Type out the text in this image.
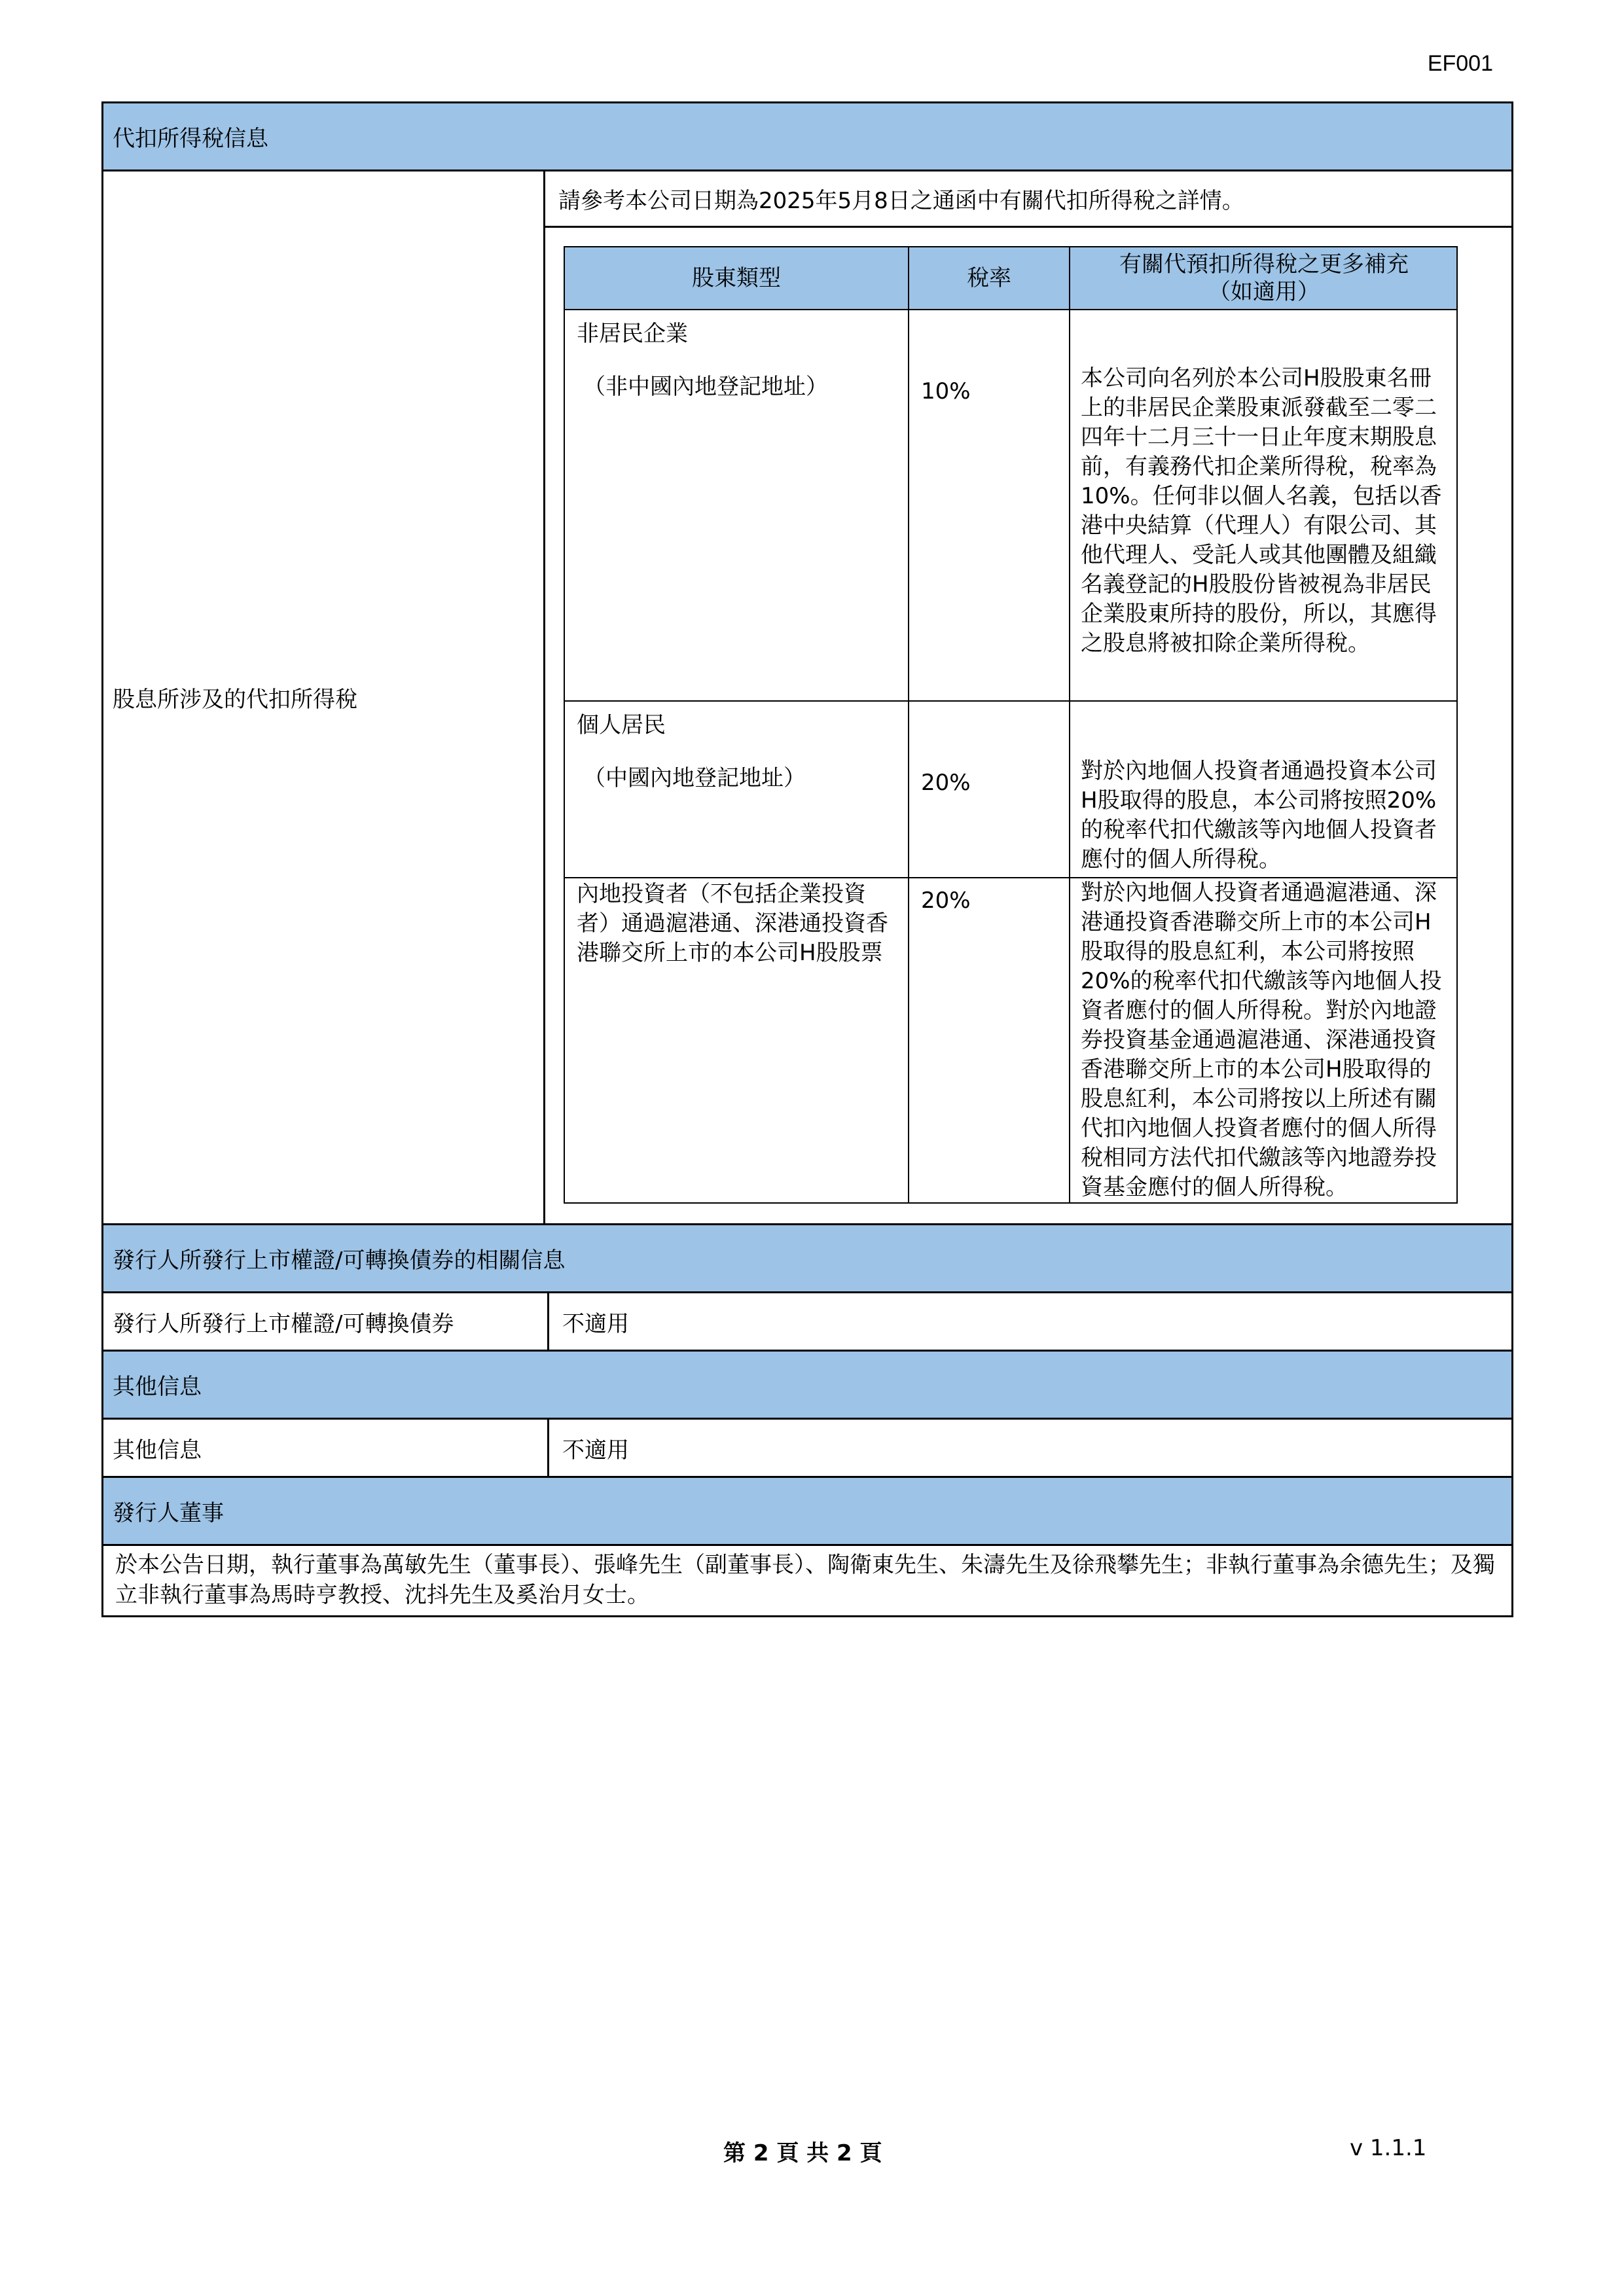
EF001
代扣所得稅信息
股息所涉及的代扣所得稅
請參考本公司日期為2025年5月8日之通函中有關代扣所得稅之詳情。
股東類型	稅率	有關代預扣所得稅之更多補充
（如適用）
非居民企業
（非中國內地登記地址）	10%	本公司向名列於本公司H股股東名冊上的非居民企業股東派發截至二零二四年十二月三十一日止年度末期股息前，有義務代扣企業所得稅，稅率為10%。任何非以個人名義，包括以香港中央結算（代理人）有限公司、其他代理人、受託人或其他團體及組織名義登記的H股股份皆被視為非居民企業股東所持的股份，所以，其應得之股息將被扣除企業所得稅。
個人居民
（中國內地登記地址）	20%	對於內地個人投資者通過投資本公司H股取得的股息，本公司將按照20%的稅率代扣代繳該等內地個人投資者應付的個人所得稅。
內地投資者（不包括企業投資者）通過滬港通、深港通投資香港聯交所上市的本公司H股股票	20%	對於內地個人投資者通過滬港通、深港通投資香港聯交所上市的本公司H股取得的股息紅利，本公司將按照20%的稅率代扣代繳該等內地個人投資者應付的個人所得稅。對於內地證券投資基金通過滬港通、深港通投資香港聯交所上市的本公司H股取得的股息紅利，本公司將按以上所述有關代扣內地個人投資者應付的個人所得稅相同方法代扣代繳該等內地證券投資基金應付的個人所得稅。
發行人所發行上市權證/可轉換債券的相關信息
發行人所發行上市權證/可轉換債券	不適用
其他信息
其他信息	不適用
發行人董事
於本公告日期，執行董事為萬敏先生（董事長）、張峰先生（副董事長）、陶衛東先生、朱濤先生及徐飛攀先生；非執行董事為余德先生；及獨立非執行董事為馬時亨教授、沈抖先生及奚治月女士。
第 2 頁 共 2 頁	v 1.1.1
